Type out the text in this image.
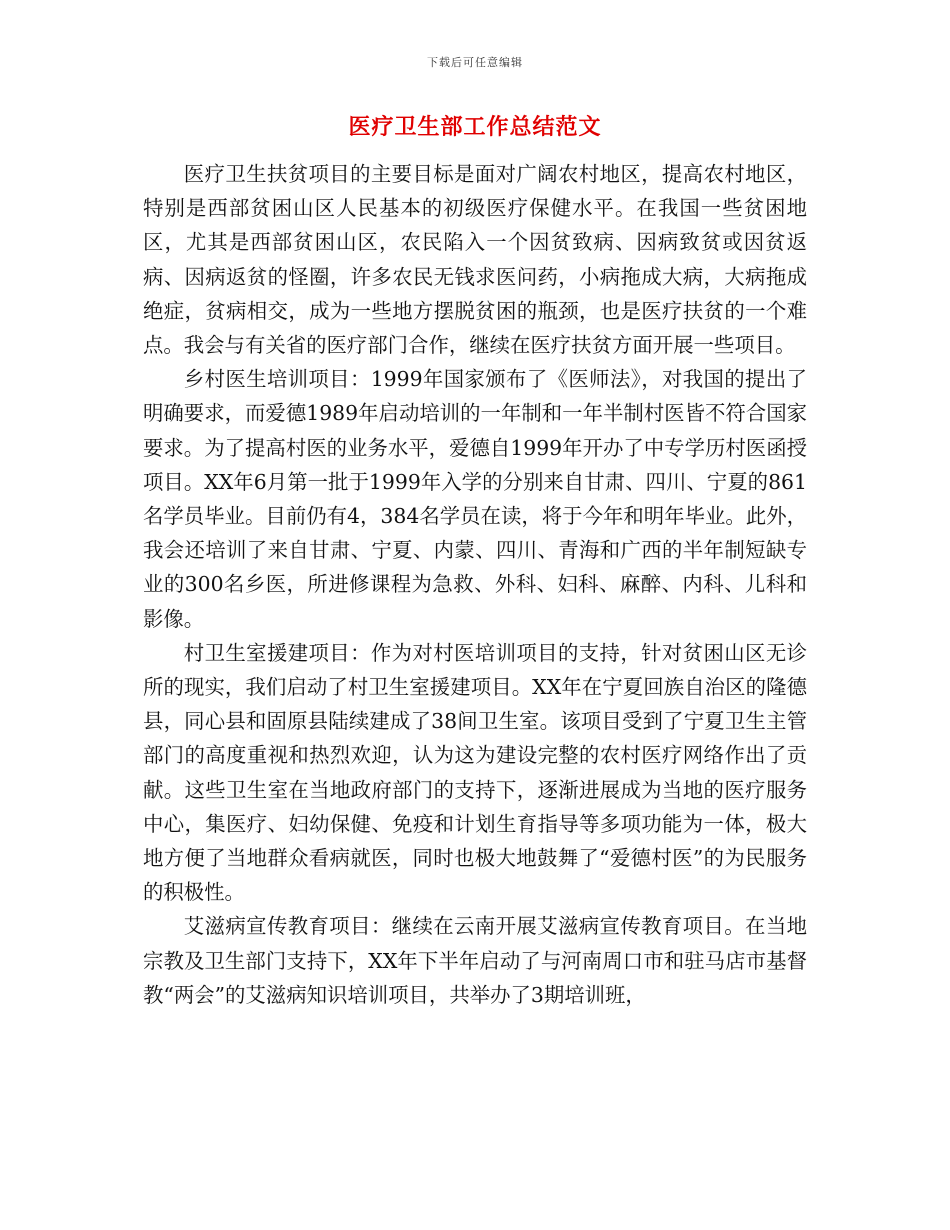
下载后可任意编辑
医疗卫生部工作总结范文

医疗卫生扶贫项目的主要目标是面对广阔农村地区，提高农村地区，特别是西部贫困山区人民基本的初级医疗保健水平。在我国一些贫困地区，尤其是西部贫困山区，农民陷入一个因贫致病、因病致贫或因贫返病、因病返贫的怪圈，许多农民无钱求医问药，小病拖成大病，大病拖成绝症，贫病相交，成为一些地方摆脱贫困的瓶颈，也是医疗扶贫的一个难点。我会与有关省的医疗部门合作，继续在医疗扶贫方面开展一些项目。

乡村医生培训项目：1999年国家颁布了《医师法》，对我国的提出了明确要求，而爱德1989年启动培训的一年制和一年半制村医皆不符合国家要求。为了提高村医的业务水平，爱德自1999年开办了中专学历村医函授项目。XX年6月第一批于1999年入学的分别来自甘肃、四川、宁夏的861名学员毕业。目前仍有4，384名学员在读，将于今年和明年毕业。此外，我会还培训了来自甘肃、宁夏、内蒙、四川、青海和广西的半年制短缺专业的300名乡医，所进修课程为急救、外科、妇科、麻醉、内科、儿科和影像。

村卫生室援建项目：作为对村医培训项目的支持，针对贫困山区无诊所的现实，我们启动了村卫生室援建项目。XX年在宁夏回族自治区的隆德县，同心县和固原县陆续建成了38间卫生室。该项目受到了宁夏卫生主管部门的高度重视和热烈欢迎，认为这为建设完整的农村医疗网络作出了贡献。这些卫生室在当地政府部门的支持下，逐渐进展成为当地的医疗服务中心，集医疗、妇幼保健、免疫和计划生育指导等多项功能为一体，极大地方便了当地群众看病就医，同时也极大地鼓舞了“爱德村医”的为民服务的积极性。

艾滋病宣传教育项目：继续在云南开展艾滋病宣传教育项目。在当地宗教及卫生部门支持下，XX年下半年启动了与河南周口市和驻马店市基督教“两会”的艾滋病知识培训项目，共举办了3期培训班，
